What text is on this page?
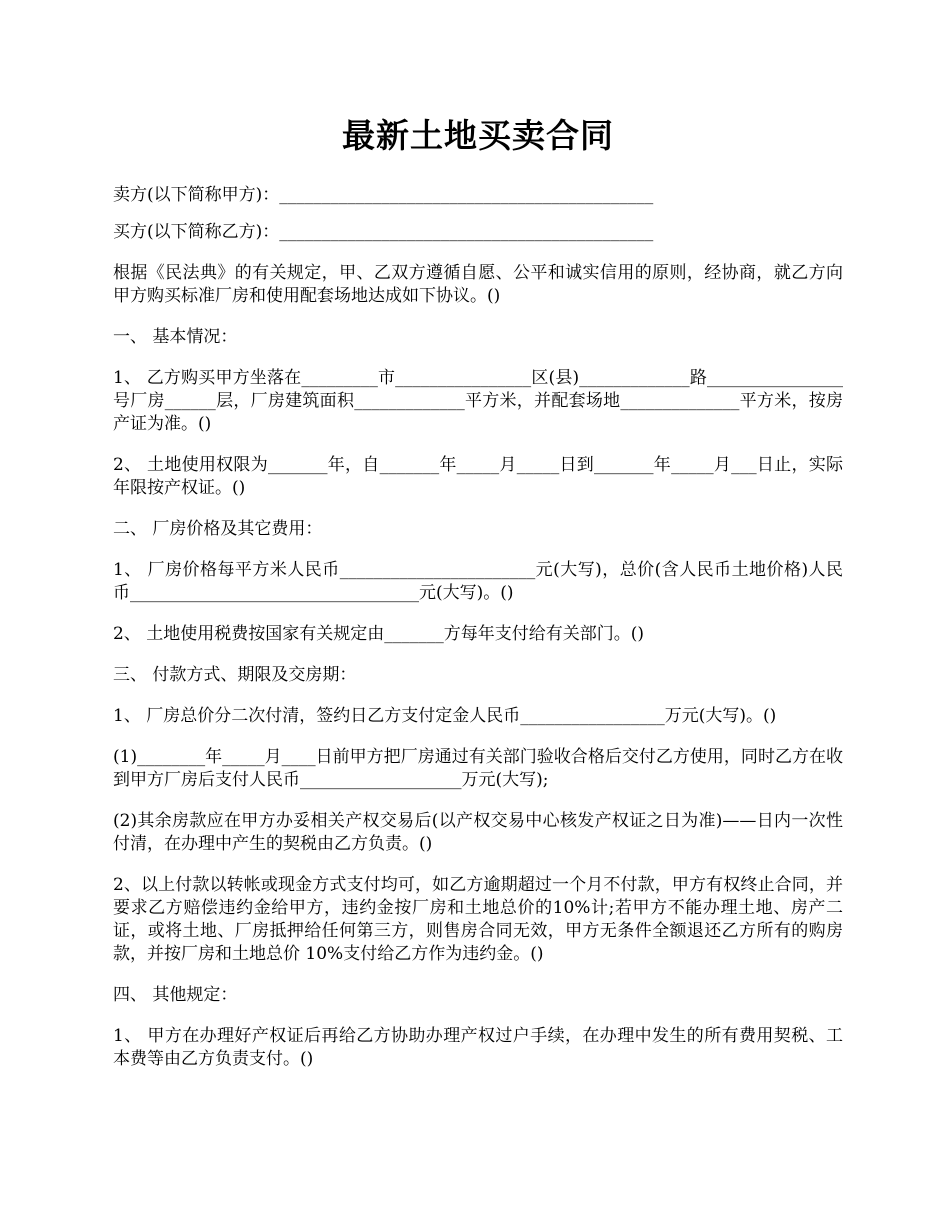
最新土地买卖合同

卖方(以下简称甲方)：____________________________________________

买方(以下简称乙方)：____________________________________________

根据《民法典》的有关规定，甲、乙双方遵循自愿、公平和诚实信用的原则，经协商，就乙方向甲方购买标准厂房和使用配套场地达成如下协议。()

一、 基本情况：

1、 乙方购买甲方坐落在_________市________________区(县)_____________路________________号厂房______层，厂房建筑面积_____________平方米，并配套场地______________平方米，按房产证为准。()

2、 土地使用权限为_______年，自_______年_____月_____日到_______年_____月___日止，实际年限按产权证。()

二、 厂房价格及其它费用：

1、 厂房价格每平方米人民币_______________________元(大写)，总价(含人民币土地价格)人民币__________________________________元(大写)。()

2、 土地使用税费按国家有关规定由_______方每年支付给有关部门。()

三、 付款方式、期限及交房期：

1、 厂房总价分二次付清，签约日乙方支付定金人民币_________________万元(大写)。()

(1)________年_____月____日前甲方把厂房通过有关部门验收合格后交付乙方使用，同时乙方在收到甲方厂房后支付人民币___________________万元(大写);

(2)其余房款应在甲方办妥相关产权交易后(以产权交易中心核发产权证之日为准)——日内一次性付清，在办理中产生的契税由乙方负责。()

2、以上付款以转帐或现金方式支付均可，如乙方逾期超过一个月不付款，甲方有权终止合同，并要求乙方赔偿违约金给甲方，违约金按厂房和土地总价的10%计;若甲方不能办理土地、房产二证，或将土地、厂房抵押给任何第三方，则售房合同无效，甲方无条件全额退还乙方所有的购房款，并按厂房和土地总价 10%支付给乙方作为违约金。()

四、 其他规定：

1、 甲方在办理好产权证后再给乙方协助办理产权过户手续，在办理中发生的所有费用契税、工本费等由乙方负责支付。()
